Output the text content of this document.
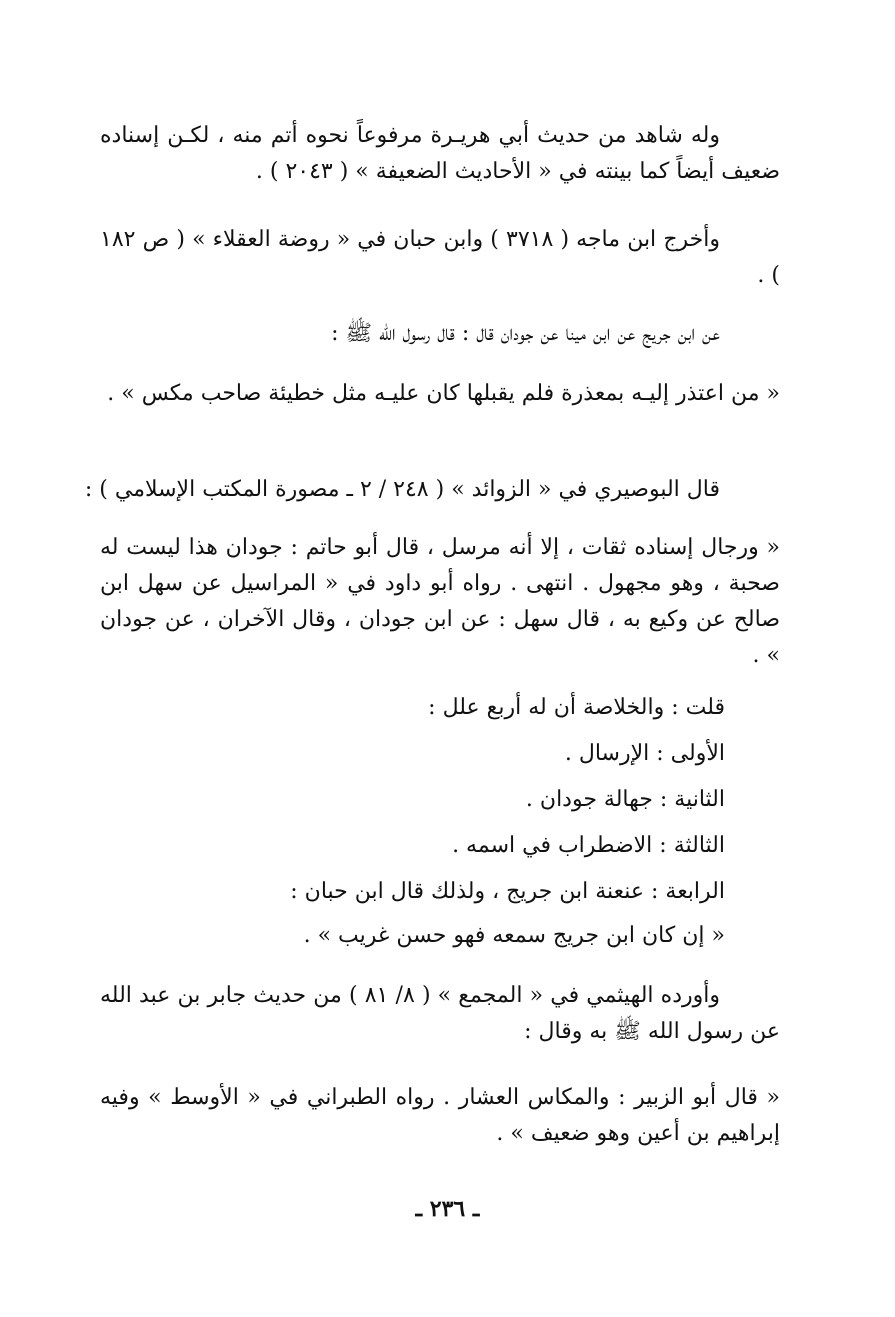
وله شاهد من حديث أبي هريـرة مرفوعاً نحوه أتم منه ، لكـن إسناده ضعيف أيضاً كما بينته في « الأحاديث الضعيفة » ( ٢٠٤٣ ) .

وأخرج ابن ماجه ( ٣٧١٨ ) وابن حبان في « روضة العقلاء » ( ص ١٨٢ ) .

عن ابن جريج عن ابن مينا عن جودان قال : قال رسول الله ﷺ :

« من اعتذر إليـه بمعذرة فلم يقبلها كان عليـه مثل خطيئة صاحب مكس » .

قال البوصيري في « الزوائد » ( ٢٤٨ / ٢ ـ مصورة المكتب الإسلامي ) :

« ورجال إسناده ثقات ، إلا أنه مرسل ، قال أبو حاتم : جودان هذا ليست له صحبة ، وهو مجهول . انتهى . رواه أبو داود في « المراسيل عن سهل ابن صالح عن وكيع به ، قال سهل : عن ابن جودان ، وقال الآخران ، عن جودان » .

قلت : والخلاصة أن له أربع علل :

الأولى : الإرسال .

الثانية : جهالة جودان .

الثالثة : الاضطراب في اسمه .

الرابعة : عنعنة ابن جريج ، ولذلك قال ابن حبان :

« إن كان ابن جريج سمعه فهو حسن غريب » .

وأورده الهيثمي في « المجمع » ( ٨/ ٨١ ) من حديث جابر بن عبد الله عن رسول الله ﷺ به وقال :

« قال أبو الزبير : والمكاس العشار . رواه الطبراني في « الأوسط » وفيه إبراهيم بن أعين وهو ضعيف » .

ـ ٢٣٦ ـ
